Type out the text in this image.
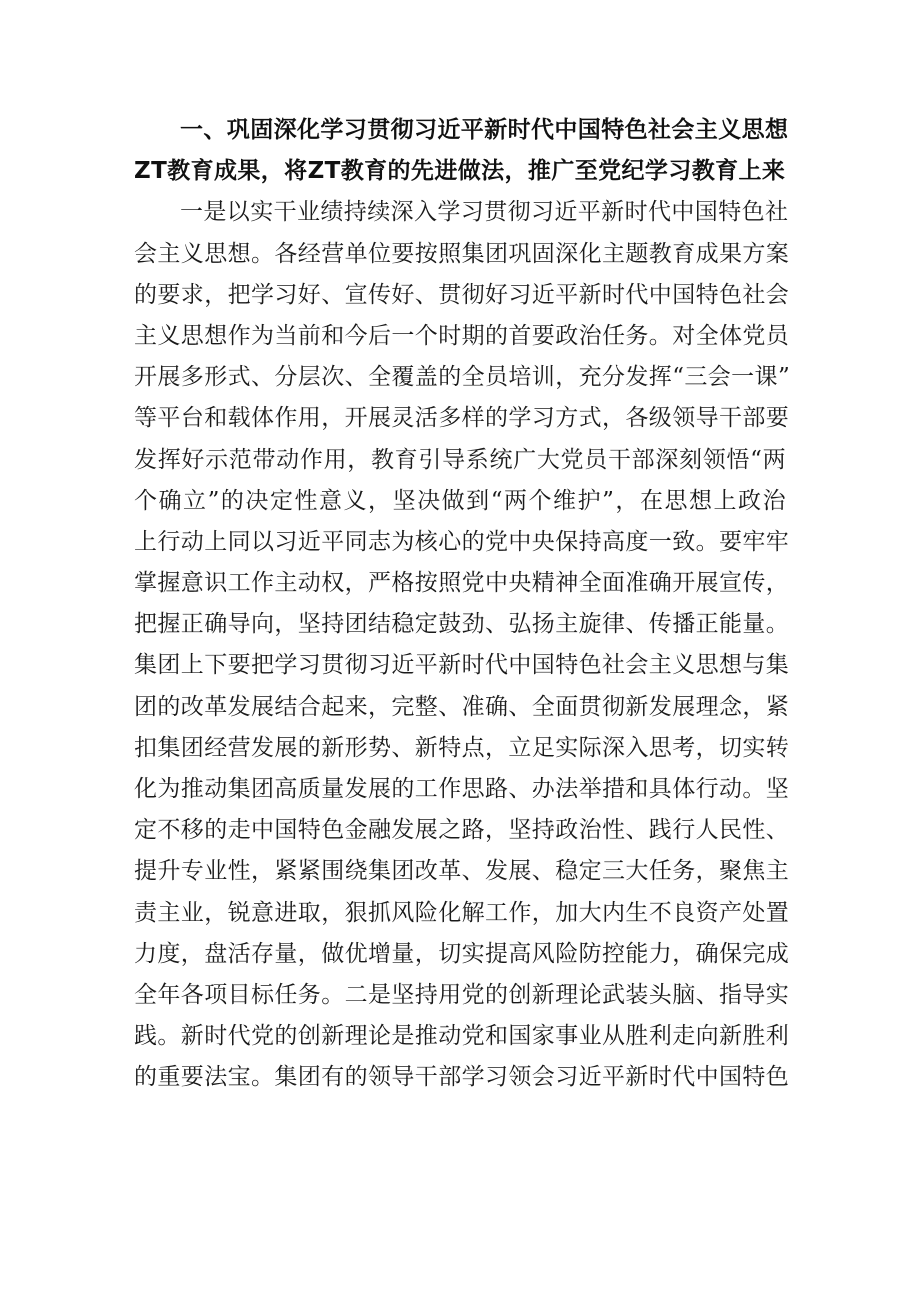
一、巩固深化学习贯彻习近平新时代中国特色社会主义思想
ZT教育成果，将ZT教育的先进做法，推广至党纪学习教育上来
一是以实干业绩持续深入学习贯彻习近平新时代中国特色社
会主义思想。各经营单位要按照集团巩固深化主题教育成果方案
的要求，把学习好、宣传好、贯彻好习近平新时代中国特色社会
主义思想作为当前和今后一个时期的首要政治任务。对全体党员
开展多形式、分层次、全覆盖的全员培训，充分发挥“三会一课”
等平台和载体作用，开展灵活多样的学习方式，各级领导干部要
发挥好示范带动作用，教育引导系统广大党员干部深刻领悟“两
个确立”的决定性意义，坚决做到“两个维护”，在思想上政治
上行动上同以习近平同志为核心的党中央保持高度一致。要牢牢
掌握意识工作主动权，严格按照党中央精神全面准确开展宣传，
把握正确导向，坚持团结稳定鼓劲、弘扬主旋律、传播正能量。
集团上下要把学习贯彻习近平新时代中国特色社会主义思想与集
团的改革发展结合起来，完整、准确、全面贯彻新发展理念，紧
扣集团经营发展的新形势、新特点，立足实际深入思考，切实转
化为推动集团高质量发展的工作思路、办法举措和具体行动。坚
定不移的走中国特色金融发展之路，坚持政治性、践行人民性、
提升专业性，紧紧围绕集团改革、发展、稳定三大任务，聚焦主
责主业，锐意进取，狠抓风险化解工作，加大内生不良资产处置
力度，盘活存量，做优增量，切实提高风险防控能力，确保完成
全年各项目标任务。二是坚持用党的创新理论武装头脑、指导实
践。新时代党的创新理论是推动党和国家事业从胜利走向新胜利
的重要法宝。集团有的领导干部学习领会习近平新时代中国特色
